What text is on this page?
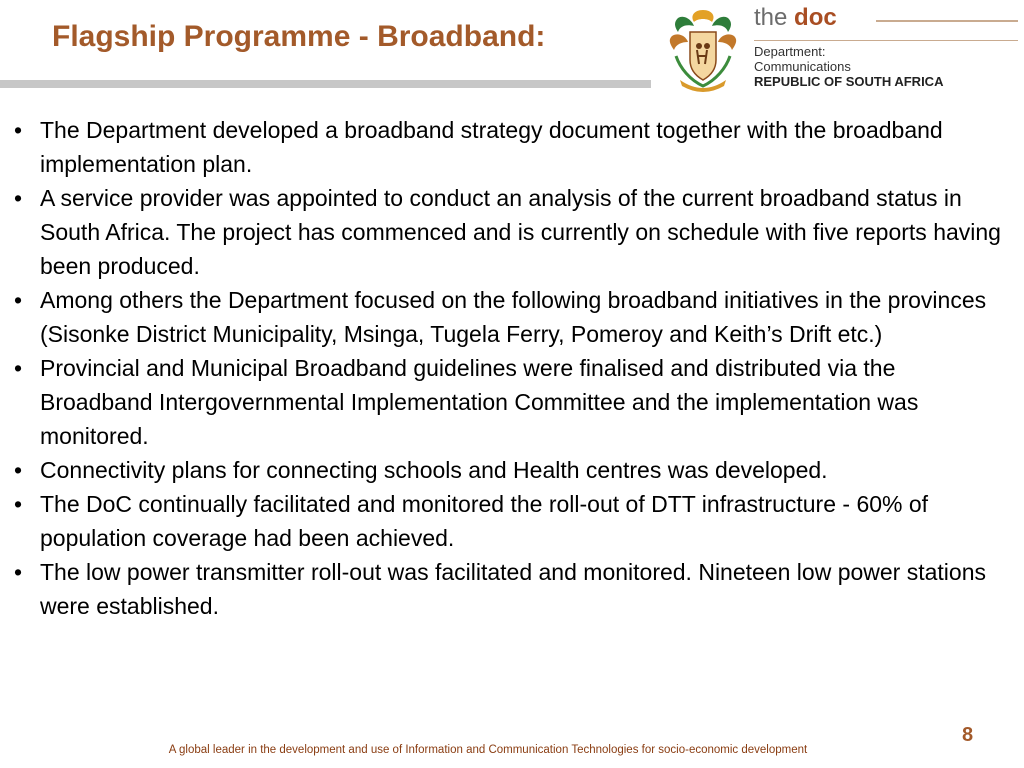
Flagship Programme - Broadband:
the doc
Department:
Communications
REPUBLIC OF SOUTH AFRICA
• The Department developed a broadband strategy document together with the broadband implementation plan.
• A service provider was appointed to conduct an analysis of the current broadband status in South Africa. The project has commenced and is currently on schedule with five reports having been produced.
• Among others the Department focused on the following broadband initiatives in the provinces (Sisonke District Municipality, Msinga, Tugela Ferry, Pomeroy and Keith’s Drift etc.)
• Provincial and Municipal Broadband guidelines were finalised and distributed via the Broadband Intergovernmental Implementation Committee and the implementation was monitored.
• Connectivity plans for connecting schools and Health centres was developed.
• The DoC continually facilitated and monitored the roll-out of DTT infrastructure - 60% of population coverage had been achieved.
• The low power transmitter roll-out was facilitated and monitored. Nineteen low power stations were established.
A global leader in the development and use of Information and Communication Technologies for socio-economic development
8
